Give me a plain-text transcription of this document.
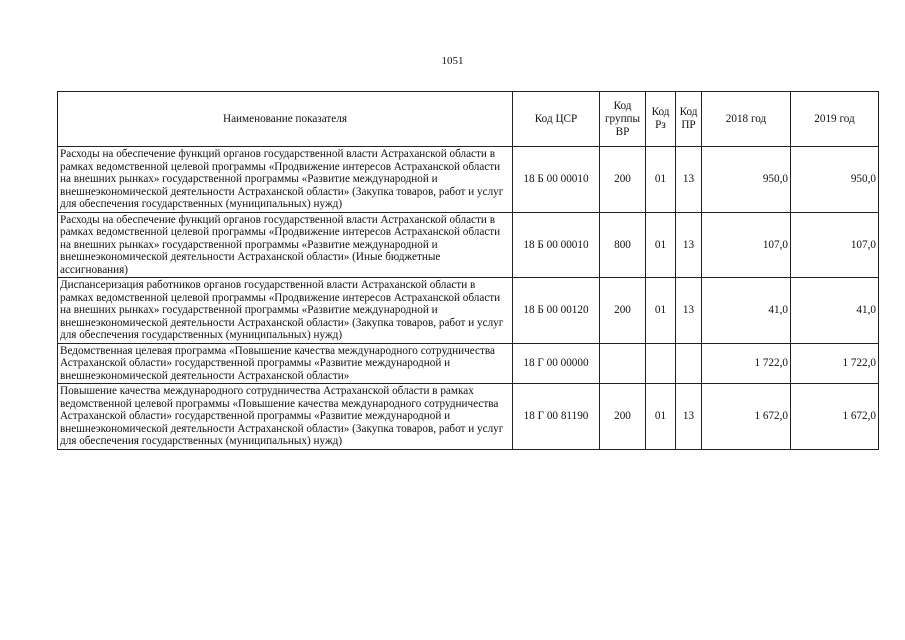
1051
Наименование показателя	Код ЦСР	Код группы ВР	Код Рз	Код ПР	2018 год	2019 год
Расходы на обеспечение функций органов государственной власти Астраханской области в рамках ведомственной целевой программы «Продвижение интересов Астраханской области на внешних рынках» государственной программы «Развитие международной и внешнеэкономической деятельности Астраханской области» (Закупка товаров, работ и услуг для обеспечения государственных (муниципальных) нужд)	18 Б 00 00010	200	01	13	950,0	950,0
Расходы на обеспечение функций органов государственной власти Астраханской области в рамках ведомственной целевой программы «Продвижение интересов Астраханской области на внешних рынках» государственной программы «Развитие международной и внешнеэкономической деятельности Астраханской области» (Иные бюджетные ассигнования)	18 Б 00 00010	800	01	13	107,0	107,0
Диспансеризация работников органов государственной власти Астраханской области в рамках ведомственной целевой программы «Продвижение интересов Астраханской области на внешних рынках» государственной программы «Развитие международной и внешнеэкономической деятельности Астраханской области» (Закупка товаров, работ и услуг для обеспечения государственных (муниципальных) нужд)	18 Б 00 00120	200	01	13	41,0	41,0
Ведомственная целевая программа «Повышение качества международного сотрудничества Астраханской области» государственной программы «Развитие международной и внешнеэкономической деятельности Астраханской области»	18 Г 00 00000				1 722,0	1 722,0
Повышение качества международного сотрудничества Астраханской области в рамках ведомственной целевой программы «Повышение качества международного сотрудничества Астраханской области» государственной программы «Развитие международной и внешнеэкономической деятельности Астраханской области» (Закупка товаров, работ и услуг для обеспечения государственных (муниципальных) нужд)	18 Г 00 81190	200	01	13	1 672,0	1 672,0
